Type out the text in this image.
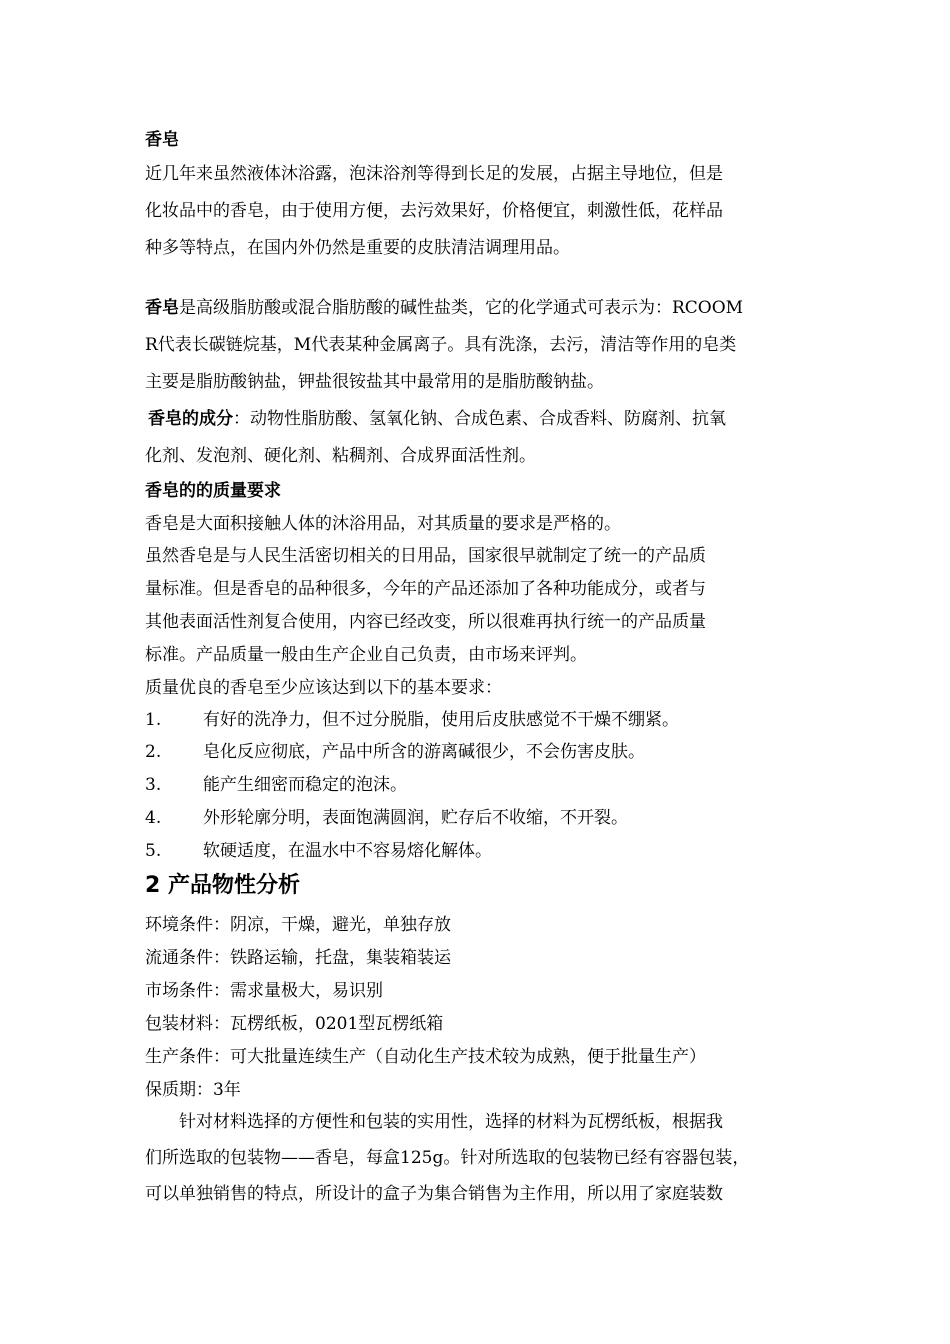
香皂
近几年来虽然液体沐浴露，泡沫浴剂等得到长足的发展，占据主导地位，但是
化妆品中的香皂，由于使用方便，去污效果好，价格便宜，刺激性低，花样品
种多等特点，在国内外仍然是重要的皮肤清洁调理用品。
香皂是高级脂肪酸或混合脂肪酸的碱性盐类，它的化学通式可表示为：RCOOM
R代表长碳链烷基，M代表某种金属离子。具有洗涤，去污，清洁等作用的皂类
主要是脂肪酸钠盐，钾盐很铵盐其中最常用的是脂肪酸钠盐。
香皂的成分：动物性脂肪酸、氢氧化钠、合成色素、合成香料、防腐剂、抗氧
化剂、发泡剂、硬化剂、粘稠剂、合成界面活性剂。
香皂的的质量要求
香皂是大面积接触人体的沐浴用品，对其质量的要求是严格的。
虽然香皂是与人民生活密切相关的日用品，国家很早就制定了统一的产品质
量标准。但是香皂的品种很多，今年的产品还添加了各种功能成分，或者与
其他表面活性剂复合使用，内容已经改变，所以很难再执行统一的产品质量
标准。产品质量一般由生产企业自己负责，由市场来评判。
质量优良的香皂至少应该达到以下的基本要求：
1. 有好的洗净力，但不过分脱脂，使用后皮肤感觉不干燥不绷紧。
2. 皂化反应彻底，产品中所含的游离碱很少，不会伤害皮肤。
3. 能产生细密而稳定的泡沫。
4. 外形轮廓分明，表面饱满圆润，贮存后不收缩，不开裂。
5. 软硬适度，在温水中不容易熔化解体。
2 产品物性分析
环境条件：阴凉，干燥，避光，单独存放
流通条件：铁路运输，托盘，集装箱装运
市场条件：需求量极大，易识别
包装材料：瓦楞纸板，0201型瓦楞纸箱
生产条件：可大批量连续生产（自动化生产技术较为成熟，便于批量生产）
保质期：3年
针对材料选择的方便性和包装的实用性，选择的材料为瓦楞纸板，根据我
们所选取的包装物——香皂，每盒125g。针对所选取的包装物已经有容器包装，
可以单独销售的特点，所设计的盒子为集合销售为主作用，所以用了家庭装数
